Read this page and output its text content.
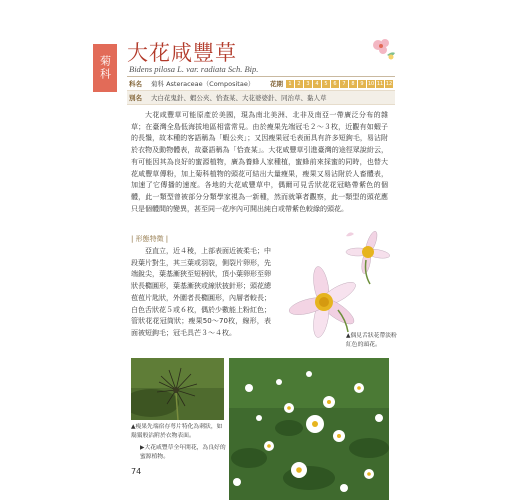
菊科
大花咸豐草
Bidens pilosa L. var. radiata Sch. Bip.
科名	菊科 Asteraceae（Compositae） 花期	1	2	3	4	5	6	7	8	9 10 11 12
別名	大白花鬼針、蝦公夾、恰查某、大花婆婆針、同治草、黏人草

大花咸豐草可能原產於美國，現為南北美洲、北非及南亞一帶廣泛分布的雜草；在臺灣全島低海拔地區相當常見。由於瘦果先端冠毛２～３枚，近觀有如蝦子的長鬚，故本種的客語稱為「蝦公夾」；又因瘦果冠毛表面具有許多短鉤毛，易沾附於衣物及動物體表，故臺語稱為「恰查某」。大花咸豐草引進臺灣的途徑眾說紛云，有可能因其為良好的蜜源植物，廣為養蜂人家種植，蜜蜂前來採蜜的同時，也替大花咸豐草傳粉，加上菊科植物的頭花可結出大量瘦果，瘦果又易沾附於人畜體表，加速了它傳播的速度。各地的大花咸豐草中，偶爾可見舌狀花花冠略帶紫色的個體，此一類型曾被部分分類學家視為一新種，然而就筆者觀察，此一類型的頭花應只是個體間的變異，甚至同一花序內可開出純白或帶紫色較綠的頭花。

| 形態特徵 |

亞直立，近４稜，上部表面近被柔毛；中段葉片對生，其三葉或羽裂，側裂片卵形，先端銳尖，葉基漸狹至短柄狀，頂小葉卵形至卵狀長橢圓形，葉基漸狹或線狀披針形；頭花總苞苞片匙狀，外圍者長橢圓形，內層者較長；白色舌狀花５或６枚，偶於少數能上粉紅色；管狀花花冠筒狀；瘦果50～70枚，線形，表面被短鉤毛；冠毛具芒３～４枚。	▲偶見舌狀花帶淡粉紅色的頭花。
▲瘦果先端宿存萼片特化為刺狀，如鬍鬚般沾附於衣物表面。
▶大花咸豐草全年開花，為良好的蜜源植物。
74
